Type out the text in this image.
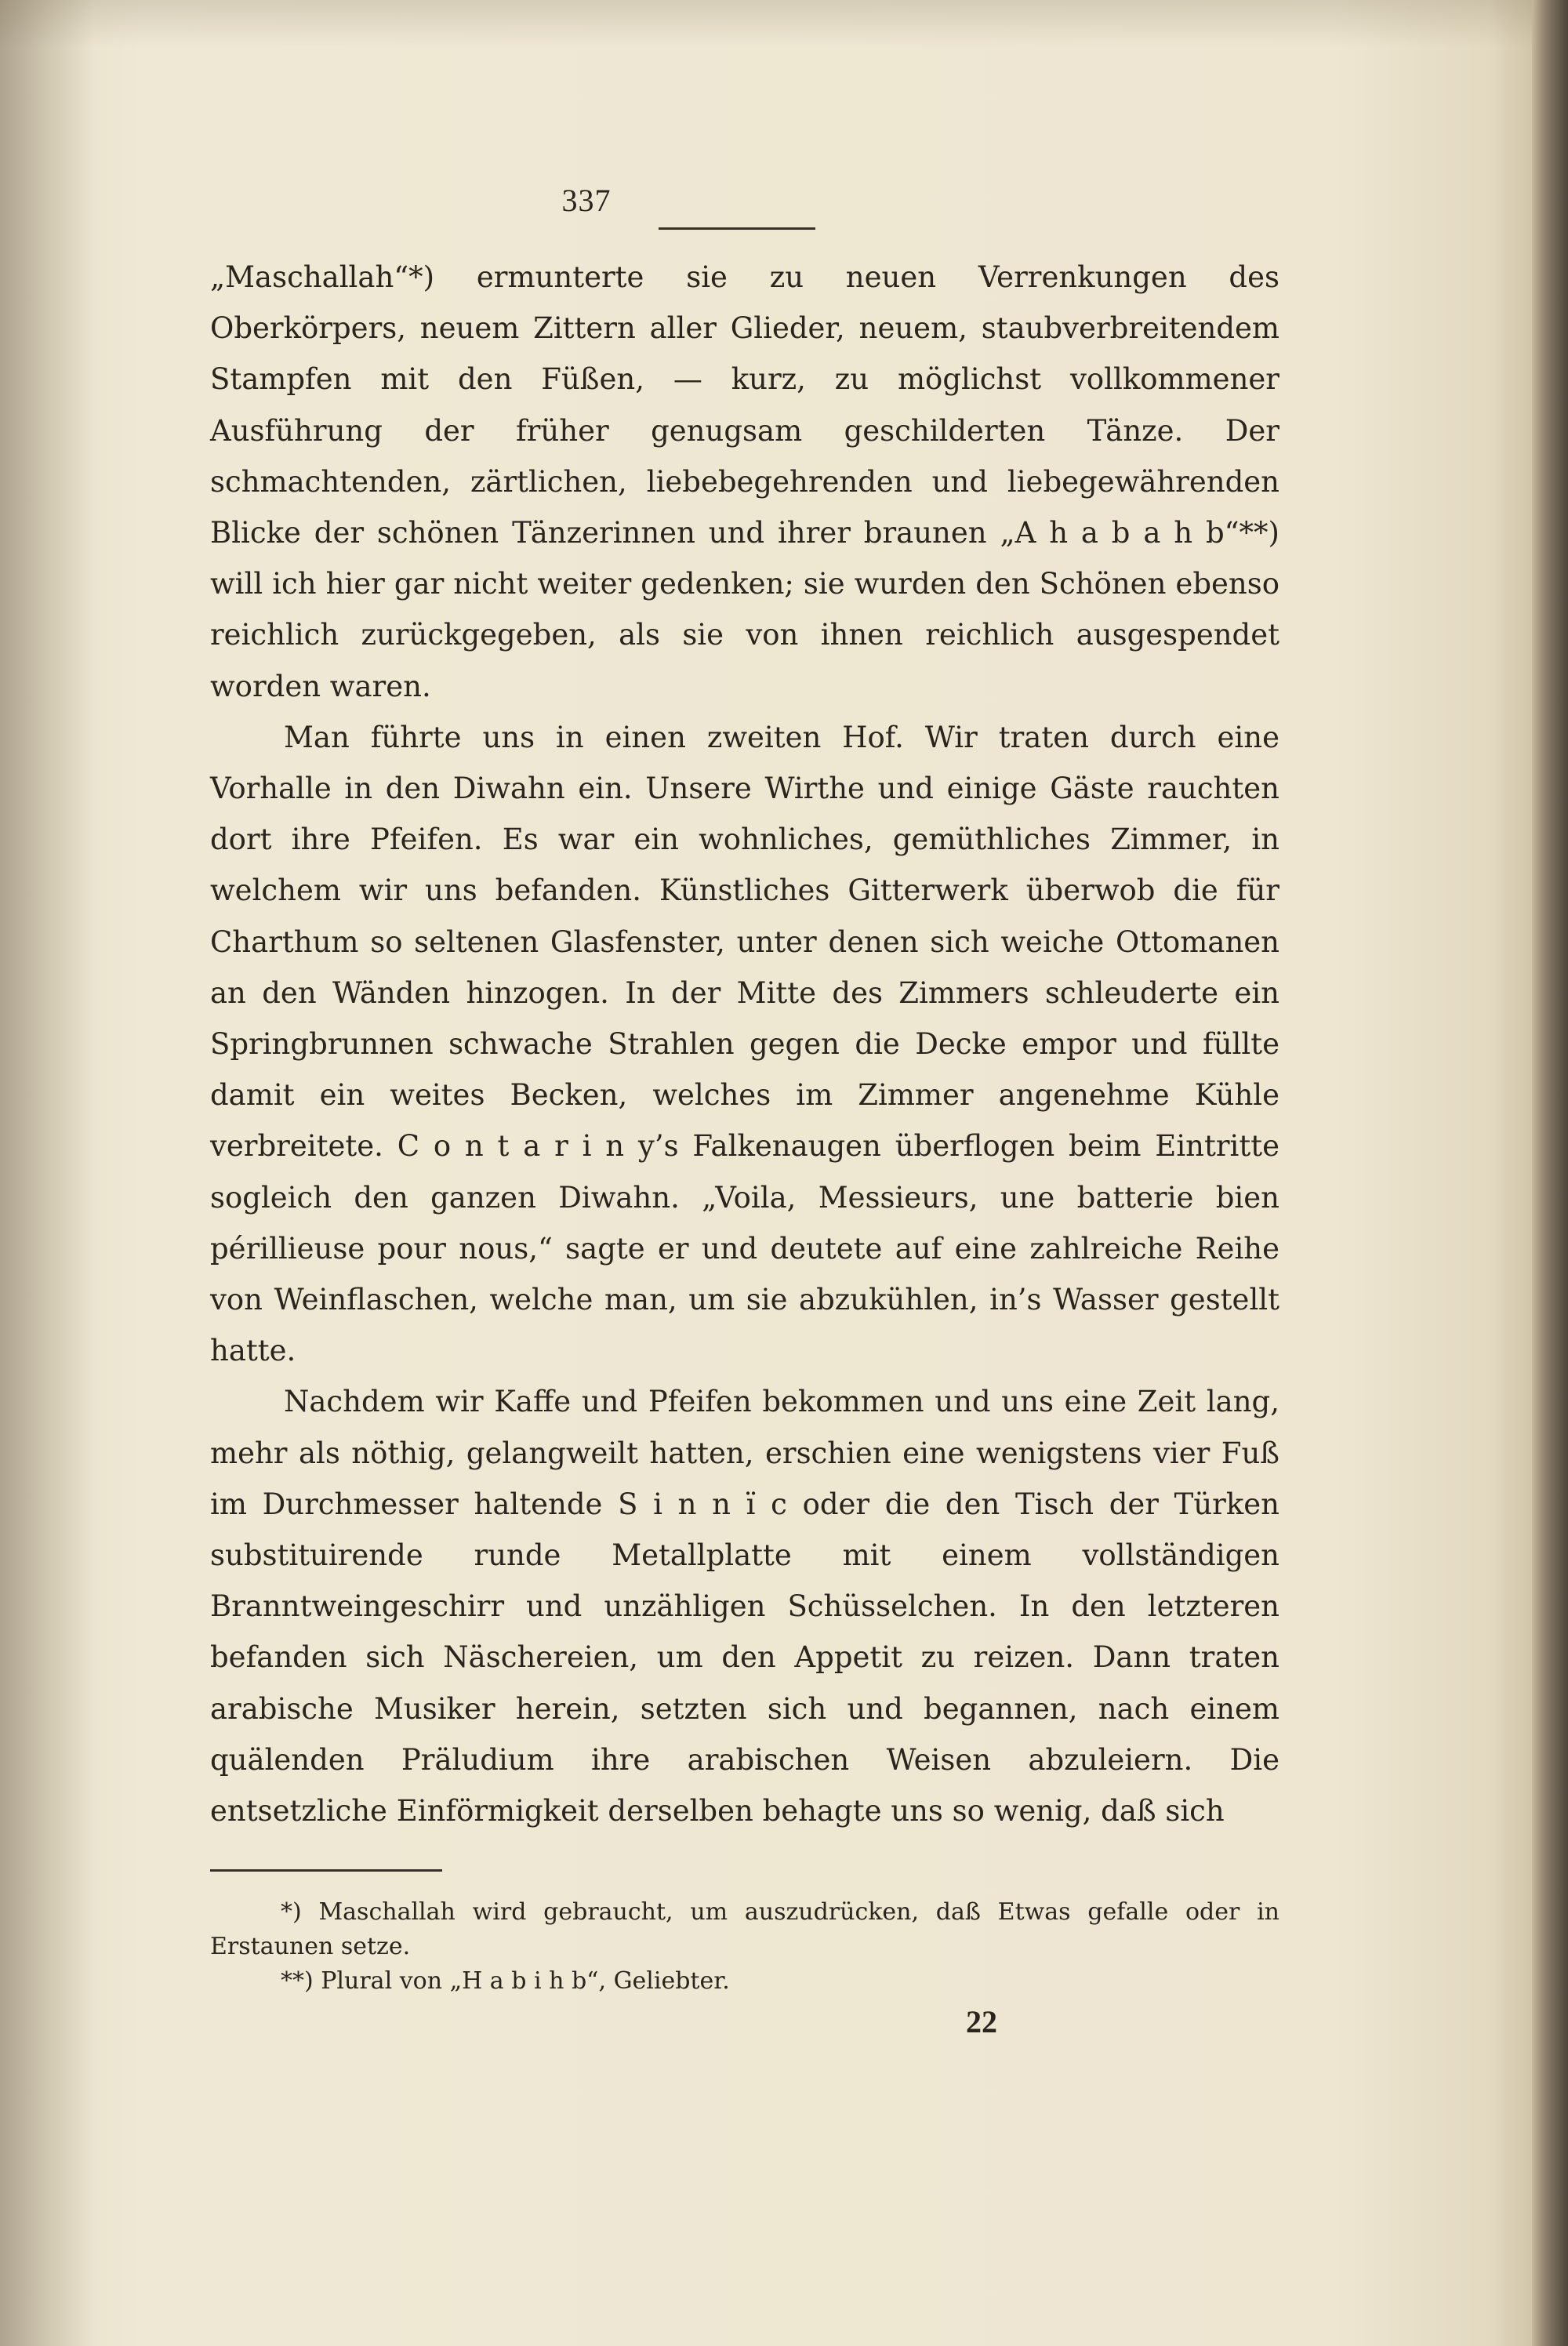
337

„Maschallah“*) ermunterte sie zu neuen Verrenkungen des Oberkörpers, neuem Zittern aller Glieder, neuem, staubverbreitendem Stampfen mit den Füßen, — kurz, zu möglichst vollkommener Ausführung der früher genugsam geschilderten Tänze. Der schmachtenden, zärtlichen, liebebegehrenden und liebegewährenden Blicke der schönen Tänzerinnen und ihrer braunen „A h a b a h b“**) will ich hier gar nicht weiter gedenken; sie wurden den Schönen ebenso reichlich zurückgegeben, als sie von ihnen reichlich ausgespendet worden waren.

Man führte uns in einen zweiten Hof. Wir traten durch eine Vorhalle in den Diwahn ein. Unsere Wirthe und einige Gäste rauchten dort ihre Pfeifen. Es war ein wohnliches, gemüthliches Zimmer, in welchem wir uns befanden. Künstliches Gitterwerk überwob die für Charthum so seltenen Glasfenster, unter denen sich weiche Ottomanen an den Wänden hinzogen. In der Mitte des Zimmers schleuderte ein Springbrunnen schwache Strahlen gegen die Decke empor und füllte damit ein weites Becken, welches im Zimmer angenehme Kühle verbreitete. C o n t a r i n y’s Falkenaugen überflogen beim Eintritte sogleich den ganzen Diwahn. „Voila, Messieurs, une batterie bien périllieuse pour nous,“ sagte er und deutete auf eine zahlreiche Reihe von Weinflaschen, welche man, um sie abzukühlen, in’s Wasser gestellt hatte.

Nachdem wir Kaffe und Pfeifen bekommen und uns eine Zeit lang, mehr als nöthig, gelangweilt hatten, erschien eine wenigstens vier Fuß im Durchmesser haltende S i n n ï c oder die den Tisch der Türken substituirende runde Metallplatte mit einem vollständigen Branntweingeschirr und unzähligen Schüsselchen. In den letzteren befanden sich Näschereien, um den Appetit zu reizen. Dann traten arabische Musiker herein, setzten sich und begannen, nach einem quälenden Präludium ihre arabischen Weisen abzuleiern. Die entsetzliche Einförmigkeit derselben behagte uns so wenig, daß sich

*) Maschallah wird gebraucht, um auszudrücken, daß Etwas gefalle oder in Erstaunen setze.

**) Plural von „H a b i h b“, Geliebter.

22
